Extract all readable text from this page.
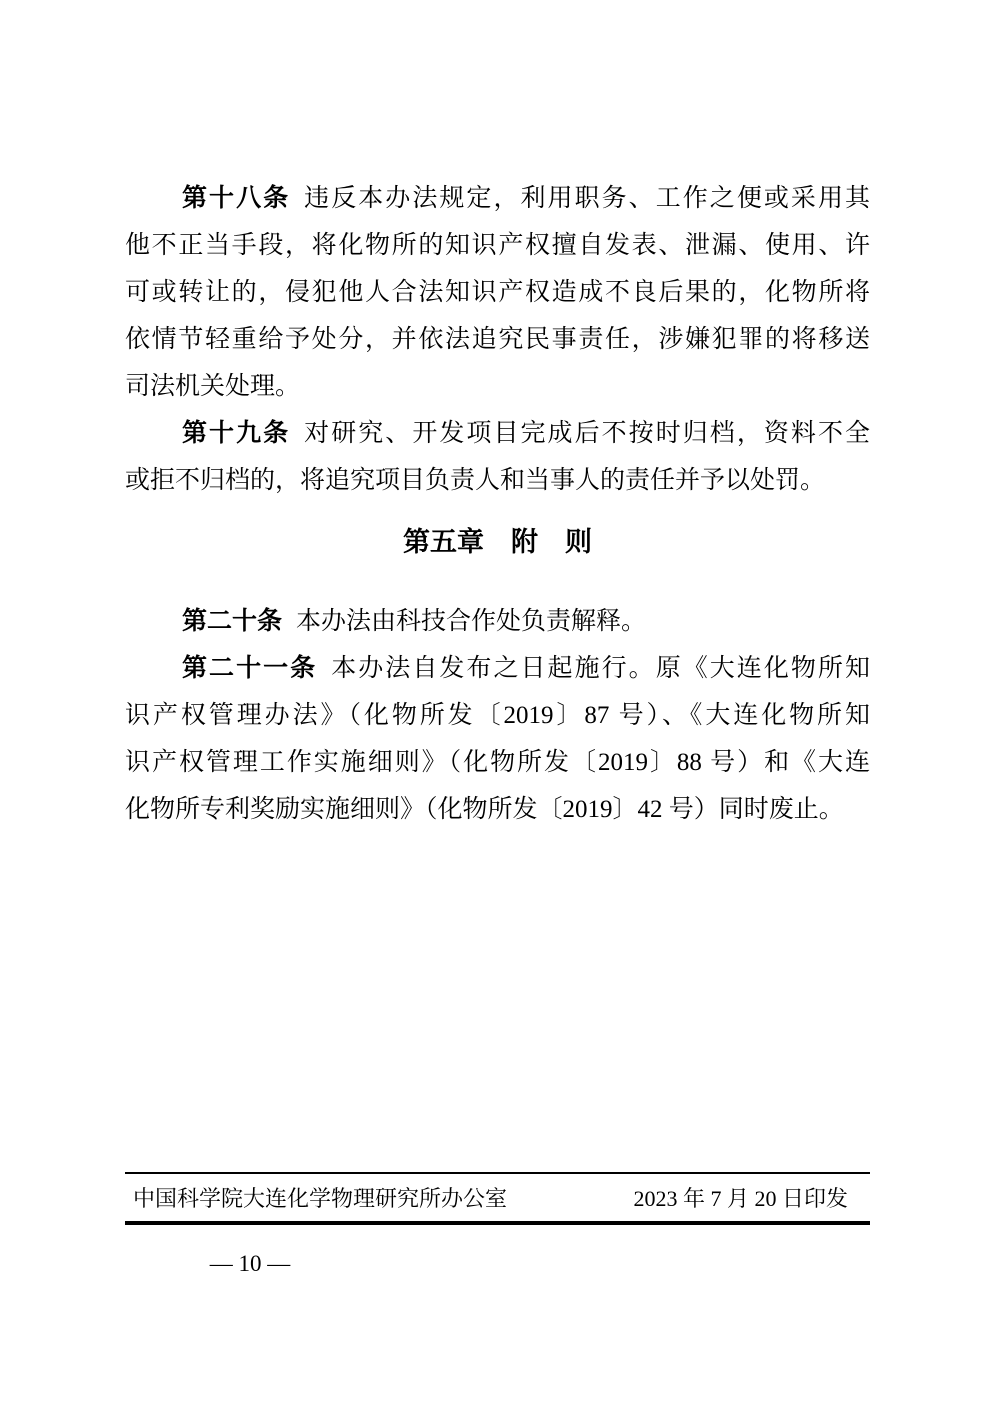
第十八条 违反本办法规定，利用职务、工作之便或采用其
他不正当手段，将化物所的知识产权擅自发表、泄漏、使用、许
可或转让的，侵犯他人合法知识产权造成不良后果的，化物所将
依情节轻重给予处分，并依法追究民事责任，涉嫌犯罪的将移送
司法机关处理。
第十九条 对研究、开发项目完成后不按时归档，资料不全
或拒不归档的，将追究项目负责人和当事人的责任并予以处罚。
第五章　附　则
第二十条 本办法由科技合作处负责解释。
第二十一条 本办法自发布之日起施行。原《大连化物所知
识产权管理办法》（化物所发〔2019〕87 号）、《大连化物所知
识产权管理工作实施细则》（化物所发〔2019〕88 号）和《大连
化物所专利奖励实施细则》（化物所发〔2019〕42 号）同时废止。
中国科学院大连化学物理研究所办公室	2023 年 7 月 20 日印发
— 10 —
